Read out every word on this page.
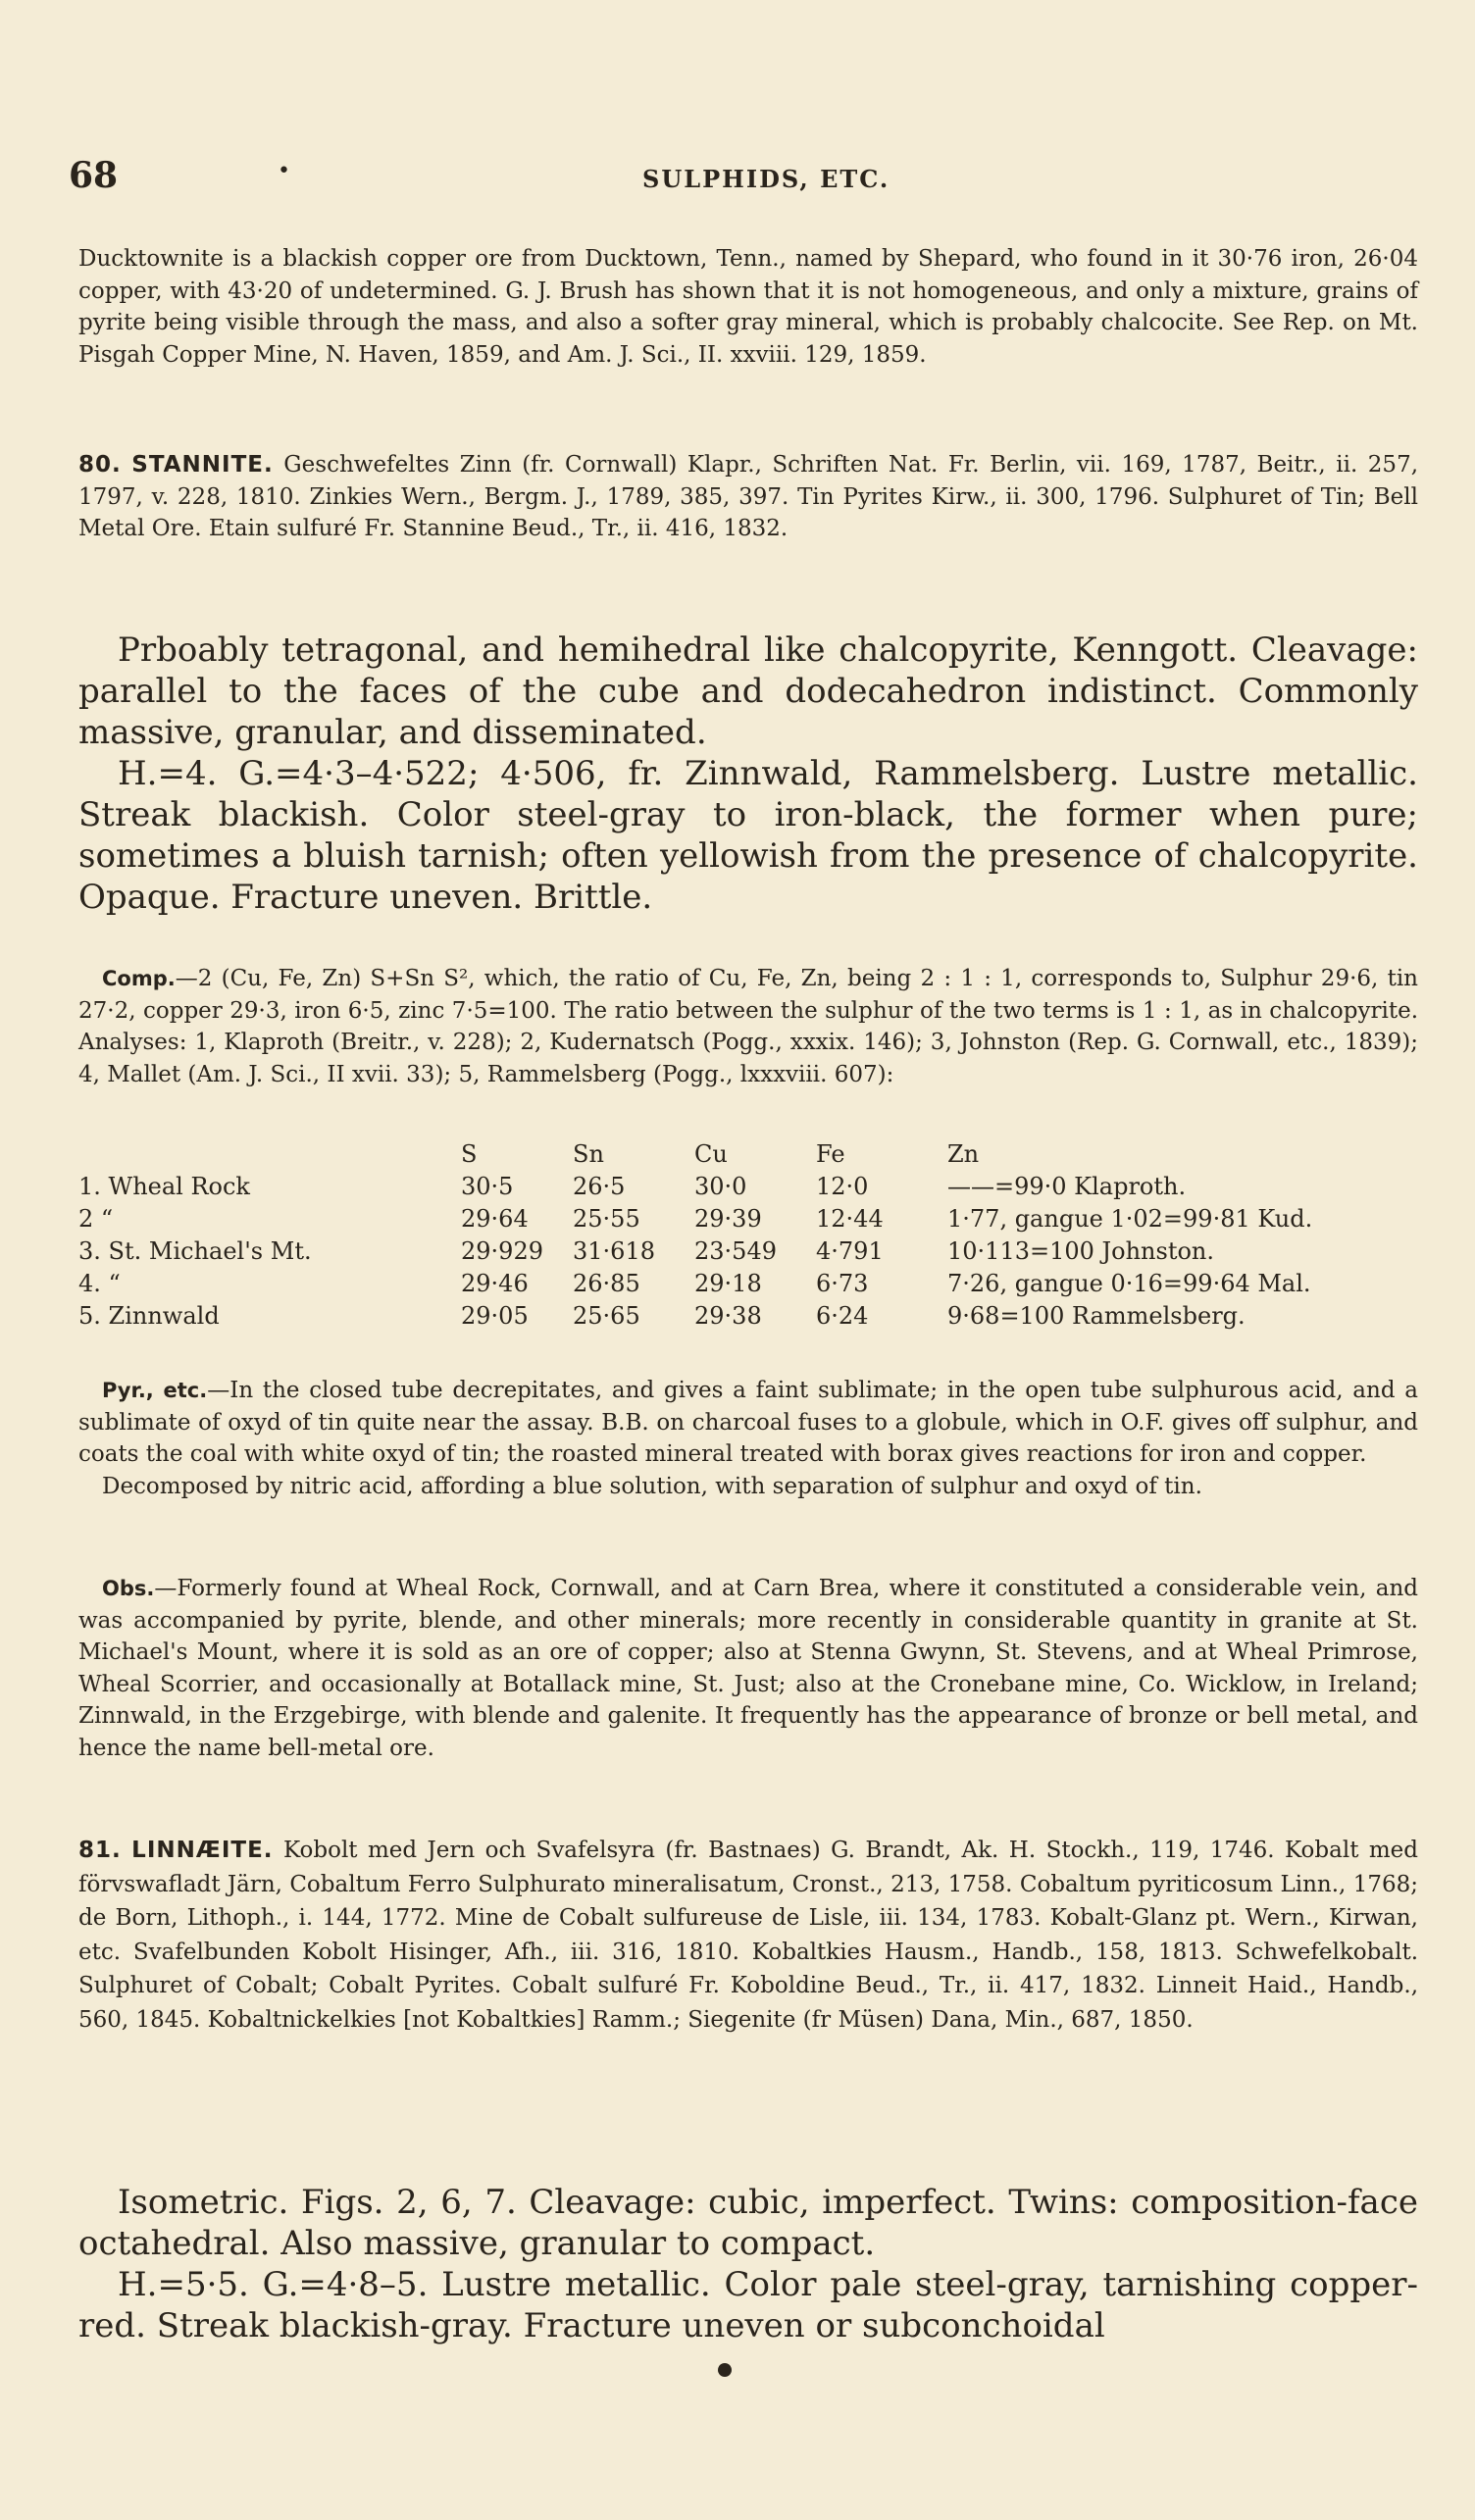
68	•	SULPHIDS, ETC.

Ducktownite is a blackish copper ore from Ducktown, Tenn., named by Shepard, who found in it 30·76 iron, 26·04 copper, with 43·20 of undetermined. G. J. Brush has shown that it is not homogeneous, and only a mixture, grains of pyrite being visible through the mass, and also a softer gray mineral, which is probably chalcocite. See Rep. on Mt. Pisgah Copper Mine, N. Haven, 1859, and Am. J. Sci., II. xxviii. 129, 1859.

80. STANNITE. Geschwefeltes Zinn (fr. Cornwall) Klapr., Schriften Nat. Fr. Berlin, vii. 169, 1787, Beitr., ii. 257, 1797, v. 228, 1810. Zinkies Wern., Bergm. J., 1789, 385, 397. Tin Pyrites Kirw., ii. 300, 1796. Sulphuret of Tin; Bell Metal Ore. Etain sulfuré Fr. Stannine Beud., Tr., ii. 416, 1832.

Prboably tetragonal, and hemihedral like chalcopyrite, Kenngott. Cleavage: parallel to the faces of the cube and dodecahedron indistinct. Commonly massive, granular, and disseminated.

H.=4. G.=4·3–4·522; 4·506, fr. Zinnwald, Rammelsberg. Lustre metallic. Streak blackish. Color steel-gray to iron-black, the former when pure; sometimes a bluish tarnish; often yellowish from the presence of chalcopyrite. Opaque. Fracture uneven. Brittle.

Comp.—2 (Cu, Fe, Zn) S+Sn S², which, the ratio of Cu, Fe, Zn, being 2 : 1 : 1, corresponds to, Sulphur 29·6, tin 27·2, copper 29·3, iron 6·5, zinc 7·5=100. The ratio between the sulphur of the two terms is 1 : 1, as in chalcopyrite. Analyses: 1, Klaproth (Breitr., v. 228); 2, Kudernatsch (Pogg., xxxix. 146); 3, Johnston (Rep. G. Cornwall, etc., 1839); 4, Mallet (Am. J. Sci., II xvii. 33); 5, Rammelsberg (Pogg., lxxxviii. 607):

	S	Sn	Cu	Fe	Zn
1. Wheal Rock	30·5	26·5	30·0	12·0	——=99·0 Klaproth.
2 “	29·64	25·55	29·39	12·44	1·77, gangue 1·02=99·81 Kud.
3. St. Michael's Mt.	29·929	31·618	23·549	4·791	10·113=100 Johnston.
4. “	29·46	26·85	29·18	6·73	7·26, gangue 0·16=99·64 Mal.
5. Zinnwald	29·05	25·65	29·38	6·24	9·68=100 Rammelsberg.

Pyr., etc.—In the closed tube decrepitates, and gives a faint sublimate; in the open tube sulphurous acid, and a sublimate of oxyd of tin quite near the assay. B.B. on charcoal fuses to a globule, which in O.F. gives off sulphur, and coats the coal with white oxyd of tin; the roasted mineral treated with borax gives reactions for iron and copper.

Decomposed by nitric acid, affording a blue solution, with separation of sulphur and oxyd of tin.

Obs.—Formerly found at Wheal Rock, Cornwall, and at Carn Brea, where it constituted a considerable vein, and was accompanied by pyrite, blende, and other minerals; more recently in considerable quantity in granite at St. Michael's Mount, where it is sold as an ore of copper; also at Stenna Gwynn, St. Stevens, and at Wheal Primrose, Wheal Scorrier, and occasionally at Botallack mine, St. Just; also at the Cronebane mine, Co. Wicklow, in Ireland; Zinnwald, in the Erzgebirge, with blende and galenite. It frequently has the appearance of bronze or bell metal, and hence the name bell-metal ore.

81. LINNÆITE. Kobolt med Jern och Svafelsyra (fr. Bastnaes) G. Brandt, Ak. H. Stockh., 119, 1746. Kobalt med förvswafladt Järn, Cobaltum Ferro Sulphurato mineralisatum, Cronst., 213, 1758. Cobaltum pyriticosum Linn., 1768; de Born, Lithoph., i. 144, 1772. Mine de Cobalt sulfureuse de Lisle, iii. 134, 1783. Kobalt-Glanz pt. Wern., Kirwan, etc. Svafelbunden Kobolt Hisinger, Afh., iii. 316, 1810. Kobaltkies Hausm., Handb., 158, 1813. Schwefelkobalt. Sulphuret of Cobalt; Cobalt Pyrites. Cobalt sulfuré Fr. Koboldine Beud., Tr., ii. 417, 1832. Linneit Haid., Handb., 560, 1845. Kobaltnickelkies [not Kobaltkies] Ramm.; Siegenite (fr Müsen) Dana, Min., 687, 1850.

Isometric. Figs. 2, 6, 7. Cleavage: cubic, imperfect. Twins: composition-face octahedral. Also massive, granular to compact.

H.=5·5. G.=4·8–5. Lustre metallic. Color pale steel-gray, tarnishing copper-red. Streak blackish-gray. Fracture uneven or subconchoidal
